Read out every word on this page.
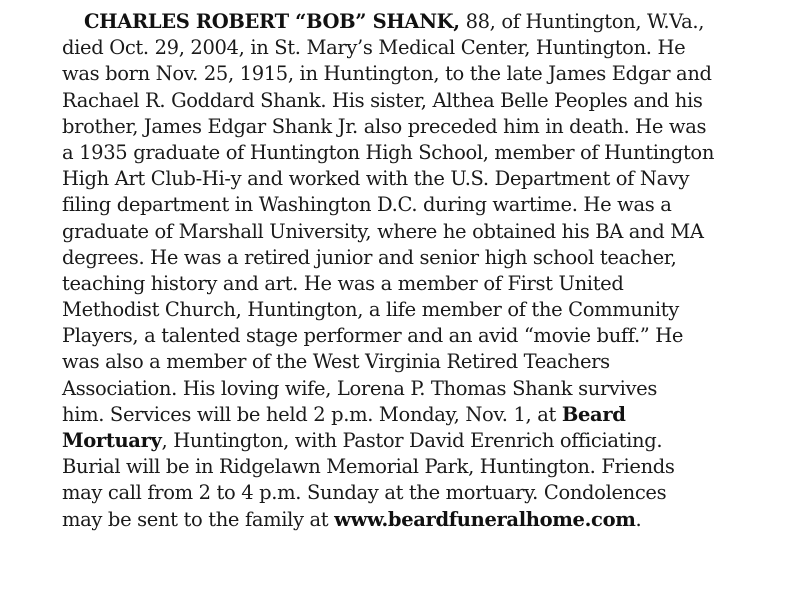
CHARLES ROBERT “BOB” SHANK, 88, of Huntington, W.Va.,
died Oct. 29, 2004, in St. Mary’s Medical Center, Huntington. He
was born Nov. 25, 1915, in Huntington, to the late James Edgar and
Rachael R. Goddard Shank. His sister, Althea Belle Peoples and his
brother, James Edgar Shank Jr. also preceded him in death. He was
a 1935 graduate of Huntington High School, member of Huntington
High Art Club-Hi-y and worked with the U.S. Department of Navy
filing department in Washington D.C. during wartime. He was a
graduate of Marshall University, where he obtained his BA and MA
degrees. He was a retired junior and senior high school teacher,
teaching history and art. He was a member of First United
Methodist Church, Huntington, a life member of the Community
Players, a talented stage performer and an avid “movie buff.” He
was also a member of the West Virginia Retired Teachers
Association. His loving wife, Lorena P. Thomas Shank survives
him. Services will be held 2 p.m. Monday, Nov. 1, at Beard
Mortuary, Huntington, with Pastor David Erenrich officiating.
Burial will be in Ridgelawn Memorial Park, Huntington. Friends
may call from 2 to 4 p.m. Sunday at the mortuary. Condolences
may be sent to the family at www.beardfuneralhome.com.
